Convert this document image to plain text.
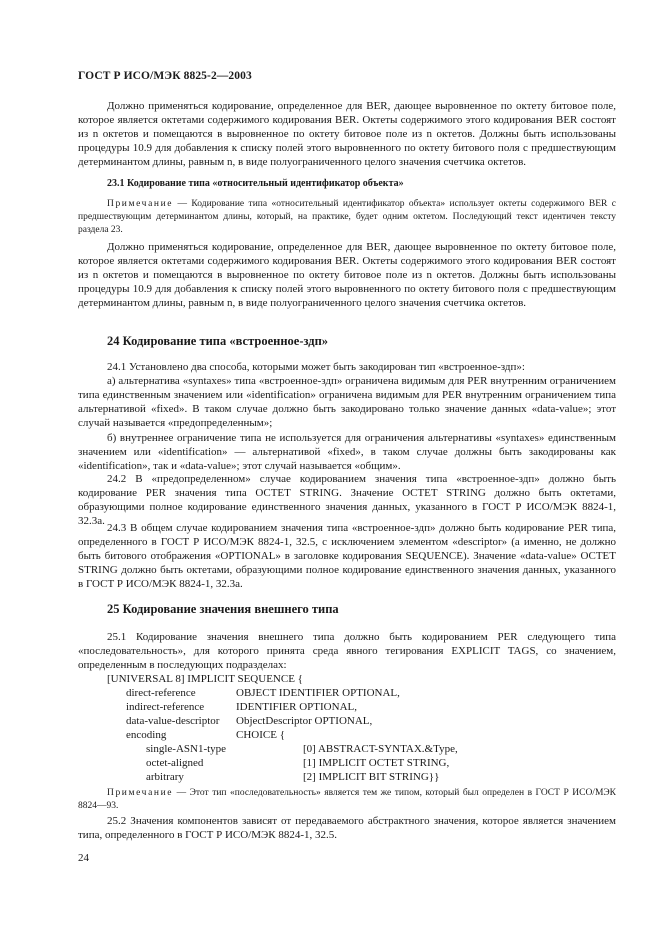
ГОСТ Р ИСО/МЭК 8825-2—2003
Должно применяться кодирование, определенное для BER, дающее выровненное по октету битовое поле, которое является октетами содержимого кодирования BER. Октеты содержимого этого кодирования BER состоят из n октетов и помещаются в выровненное по октету битовое поле из n октетов. Должны быть использованы процедуры 10.9 для добавления к списку полей этого выровненного по октету битового поля с предшествующим детерминантом длины, равным n, в виде полуограниченного целого значения счетчика октетов.
23.1 Кодирование типа «относительный идентификатор объекта»
Примечание — Кодирование типа «относительный идентификатор объекта» использует октеты содержимого BER с предшествующим детерминантом длины, который, на практике, будет одним октетом. Последующий текст идентичен тексту раздела 23.
Должно применяться кодирование, определенное для BER, дающее выровненное по октету битовое поле, которое является октетами содержимого кодирования BER. Октеты содержимого этого кодирования BER состоят из n октетов и помещаются в выровненное по октету битовое поле из n октетов. Должны быть использованы процедуры 10.9 для добавления к списку полей этого выровненного по октету битового поля с предшествующим детерминантом длины, равным n, в виде полуограниченного целого значения счетчика октетов.
24 Кодирование типа «встроенное-здп»
24.1 Установлено два способа, которыми может быть закодирован тип «встроенное-здп»:
а) альтернатива «syntaxes» типа «встроенное-здп» ограничена видимым для PER внутренним ограничением типа единственным значением или «identification» ограничена видимым для PER внутренним ограничением типа альтернативой «fixed». В таком случае должно быть закодировано только значение данных «data-value»; этот случай называется «предопределенным»;
б) внутреннее ограничение типа не используется для ограничения альтернативы «syntaxes» единственным значением или «identification» — альтернативой «fixed», в таком случае должны быть закодированы как «identification», так и «data-value»; этот случай называется «общим».
24.2 В «предопределенном» случае кодированием значения типа «встроенное-здп» должно быть кодирование PER значения типа OCTET STRING. Значение OCTET STRING должно быть октетами, образующими полное кодирование единственного значения данных, указанного в ГОСТ Р ИСО/МЭК 8824-1, 32.3а.
24.3 В общем случае кодированием значения типа «встроенное-здп» должно быть кодирование PER типа, определенного в ГОСТ Р ИСО/МЭК 8824-1, 32.5, с исключением элементом «descriptor» (а именно, не должно быть битового отображения «OPTIONAL» в заголовке кодирования SEQUENCE). Значение «data-value» OCTET STRING должно быть октетами, образующими полное кодирование единственного значения данных, указанного в ГОСТ Р ИСО/МЭК 8824-1, 32.3а.
25 Кодирование значения внешнего типа
25.1 Кодирование значения внешнего типа должно быть кодированием PER следующего типа «последовательность», для которого принята среда явного тегирования EXPLICIT TAGS, со значением, определенным в последующих подразделах:
[UNIVERSAL 8] IMPLICIT SEQUENCE {
direct-reference	OBJECT IDENTIFIER OPTIONAL,
indirect-reference	IDENTIFIER OPTIONAL,
data-value-descriptor ObjectDescriptor OPTIONAL,
encoding	CHOICE {
single-ASN1-type	[0] ABSTRACT-SYNTAX.&Type,
octet-aligned	[1] IMPLICIT OCTET STRING,
arbitrary	[2] IMPLICIT BIT STRING}}
Примечание — Этот тип «последовательность» является тем же типом, который был определен в ГОСТ Р ИСО/МЭК 8824—93.
25.2 Значения компонентов зависят от передаваемого абстрактного значения, которое является значением типа, определенного в ГОСТ Р ИСО/МЭК 8824-1, 32.5.
24
